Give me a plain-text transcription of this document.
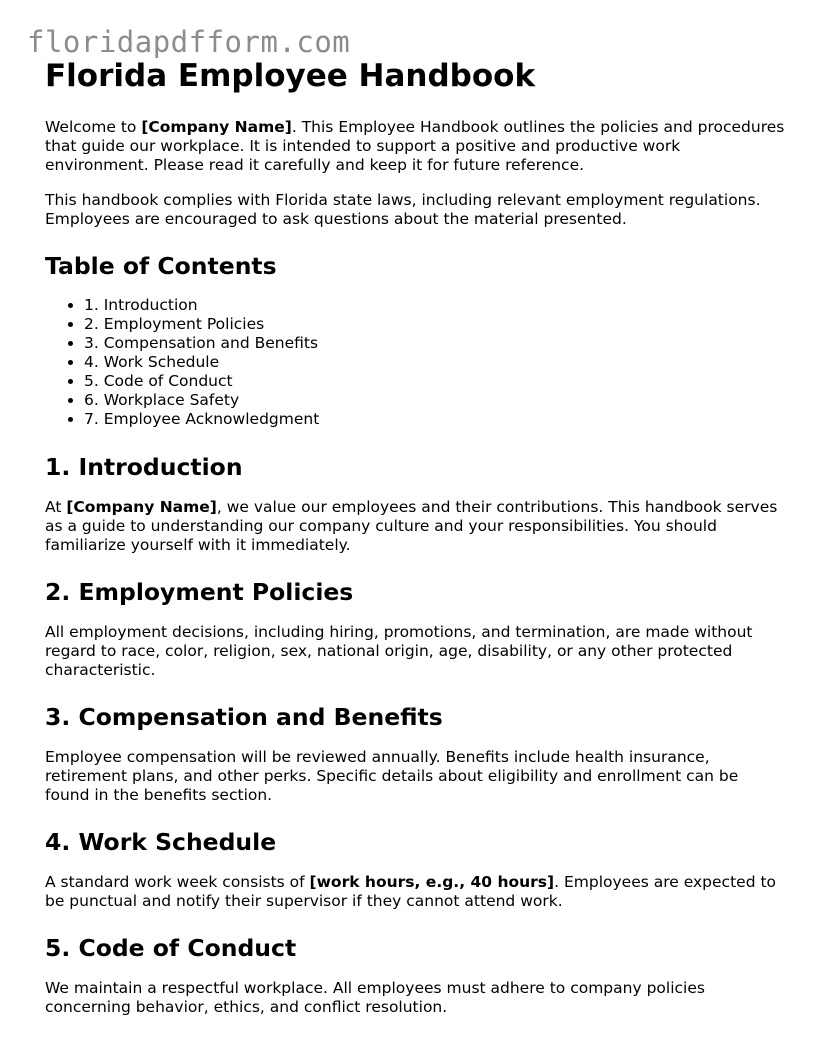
floridapdfform.com
Florida Employee Handbook

Welcome to [Company Name]. This Employee Handbook outlines the policies and procedures that guide our workplace. It is intended to support a positive and productive work environment. Please read it carefully and keep it for future reference.

This handbook complies with Florida state laws, including relevant employment regulations. Employees are encouraged to ask questions about the material presented.

Table of Contents
• 1. Introduction
• 2. Employment Policies
• 3. Compensation and Benefits
• 4. Work Schedule
• 5. Code of Conduct
• 6. Workplace Safety
• 7. Employee Acknowledgment
1. Introduction

At [Company Name], we value our employees and their contributions. This handbook serves as a guide to understanding our company culture and your responsibilities. You should familiarize yourself with it immediately.

2. Employment Policies

All employment decisions, including hiring, promotions, and termination, are made without regard to race, color, religion, sex, national origin, age, disability, or any other protected characteristic.

3. Compensation and Benefits

Employee compensation will be reviewed annually. Benefits include health insurance, retirement plans, and other perks. Specific details about eligibility and enrollment can be found in the benefits section.

4. Work Schedule

A standard work week consists of [work hours, e.g., 40 hours]. Employees are expected to be punctual and notify their supervisor if they cannot attend work.

5. Code of Conduct

We maintain a respectful workplace. All employees must adhere to company policies concerning behavior, ethics, and conflict resolution.
